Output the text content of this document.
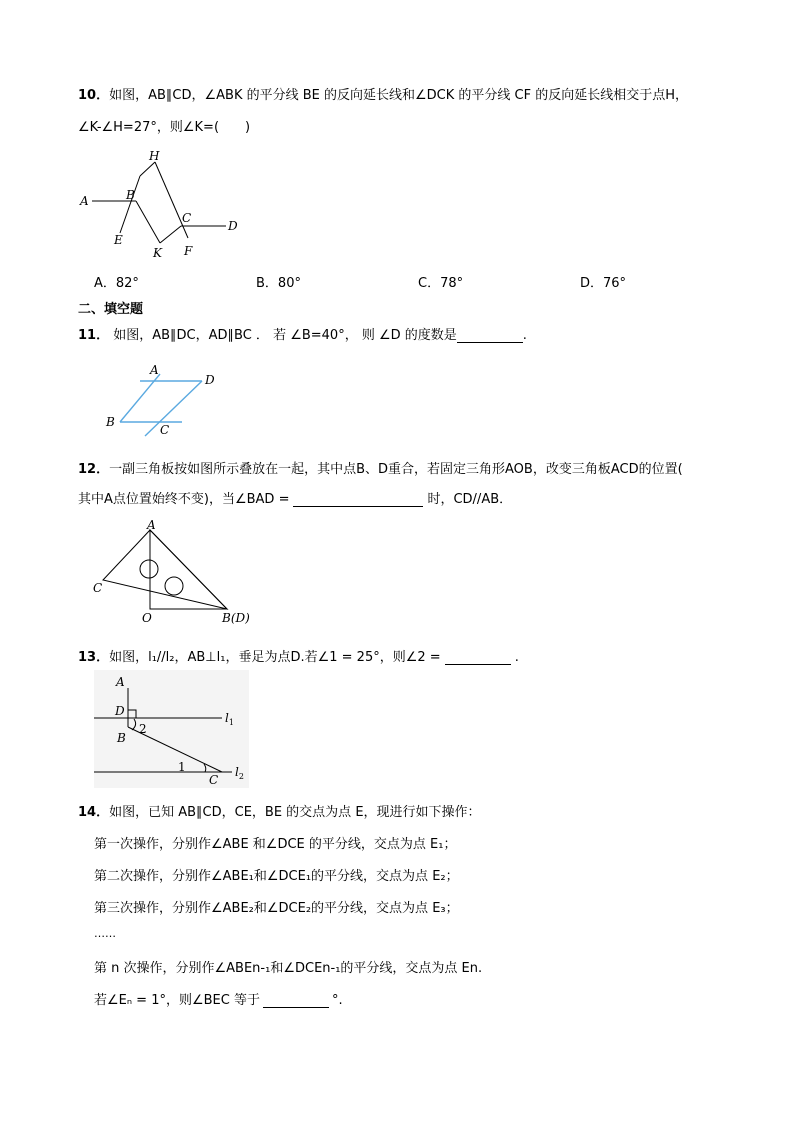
10．如图，AB∥CD，∠ABK 的平分线 BE 的反向延长线和∠DCK 的平分线 CF 的反向延长线相交于点H，
∠K-∠H=27°，则∠K=(　　)
H
A	B
E
K
C
F
D
A．82°	B．80°	C．78°	D．76°
二、填空题
11． 如图，AB∥DC，AD∥BC ． 若 ∠B=40°， 则 ∠D 的度数是	.
A
D
B
C
12．一副三角板按如图所示叠放在一起，其中点B、D重合，若固定三角形AOB，改变三角板ACD的位置(
其中A点位置始终不变)，当∠BAD =	时，CD//AB．
A
C
O	B(D)
13．如图，l₁//l₂，AB⊥l₁，垂足为点D.若∠1 = 25°，则∠2 =	.
A
D
B
2
1
C
$l_1$
$l_2$
14．如图，已知 AB∥CD，CE，BE 的交点为点 E，现进行如下操作：
第一次操作，分别作∠ABE 和∠DCE 的平分线，交点为点 E₁；
第二次操作，分别作∠ABE₁和∠DCE₁的平分线，交点为点 E₂；
第三次操作，分别作∠ABE₂和∠DCE₂的平分线，交点为点 E₃；
……
第 n 次操作，分别作∠ABEn-₁和∠DCEn-₁的平分线，交点为点 En.
若∠Eₙ = 1°，则∠BEC 等于	°.
